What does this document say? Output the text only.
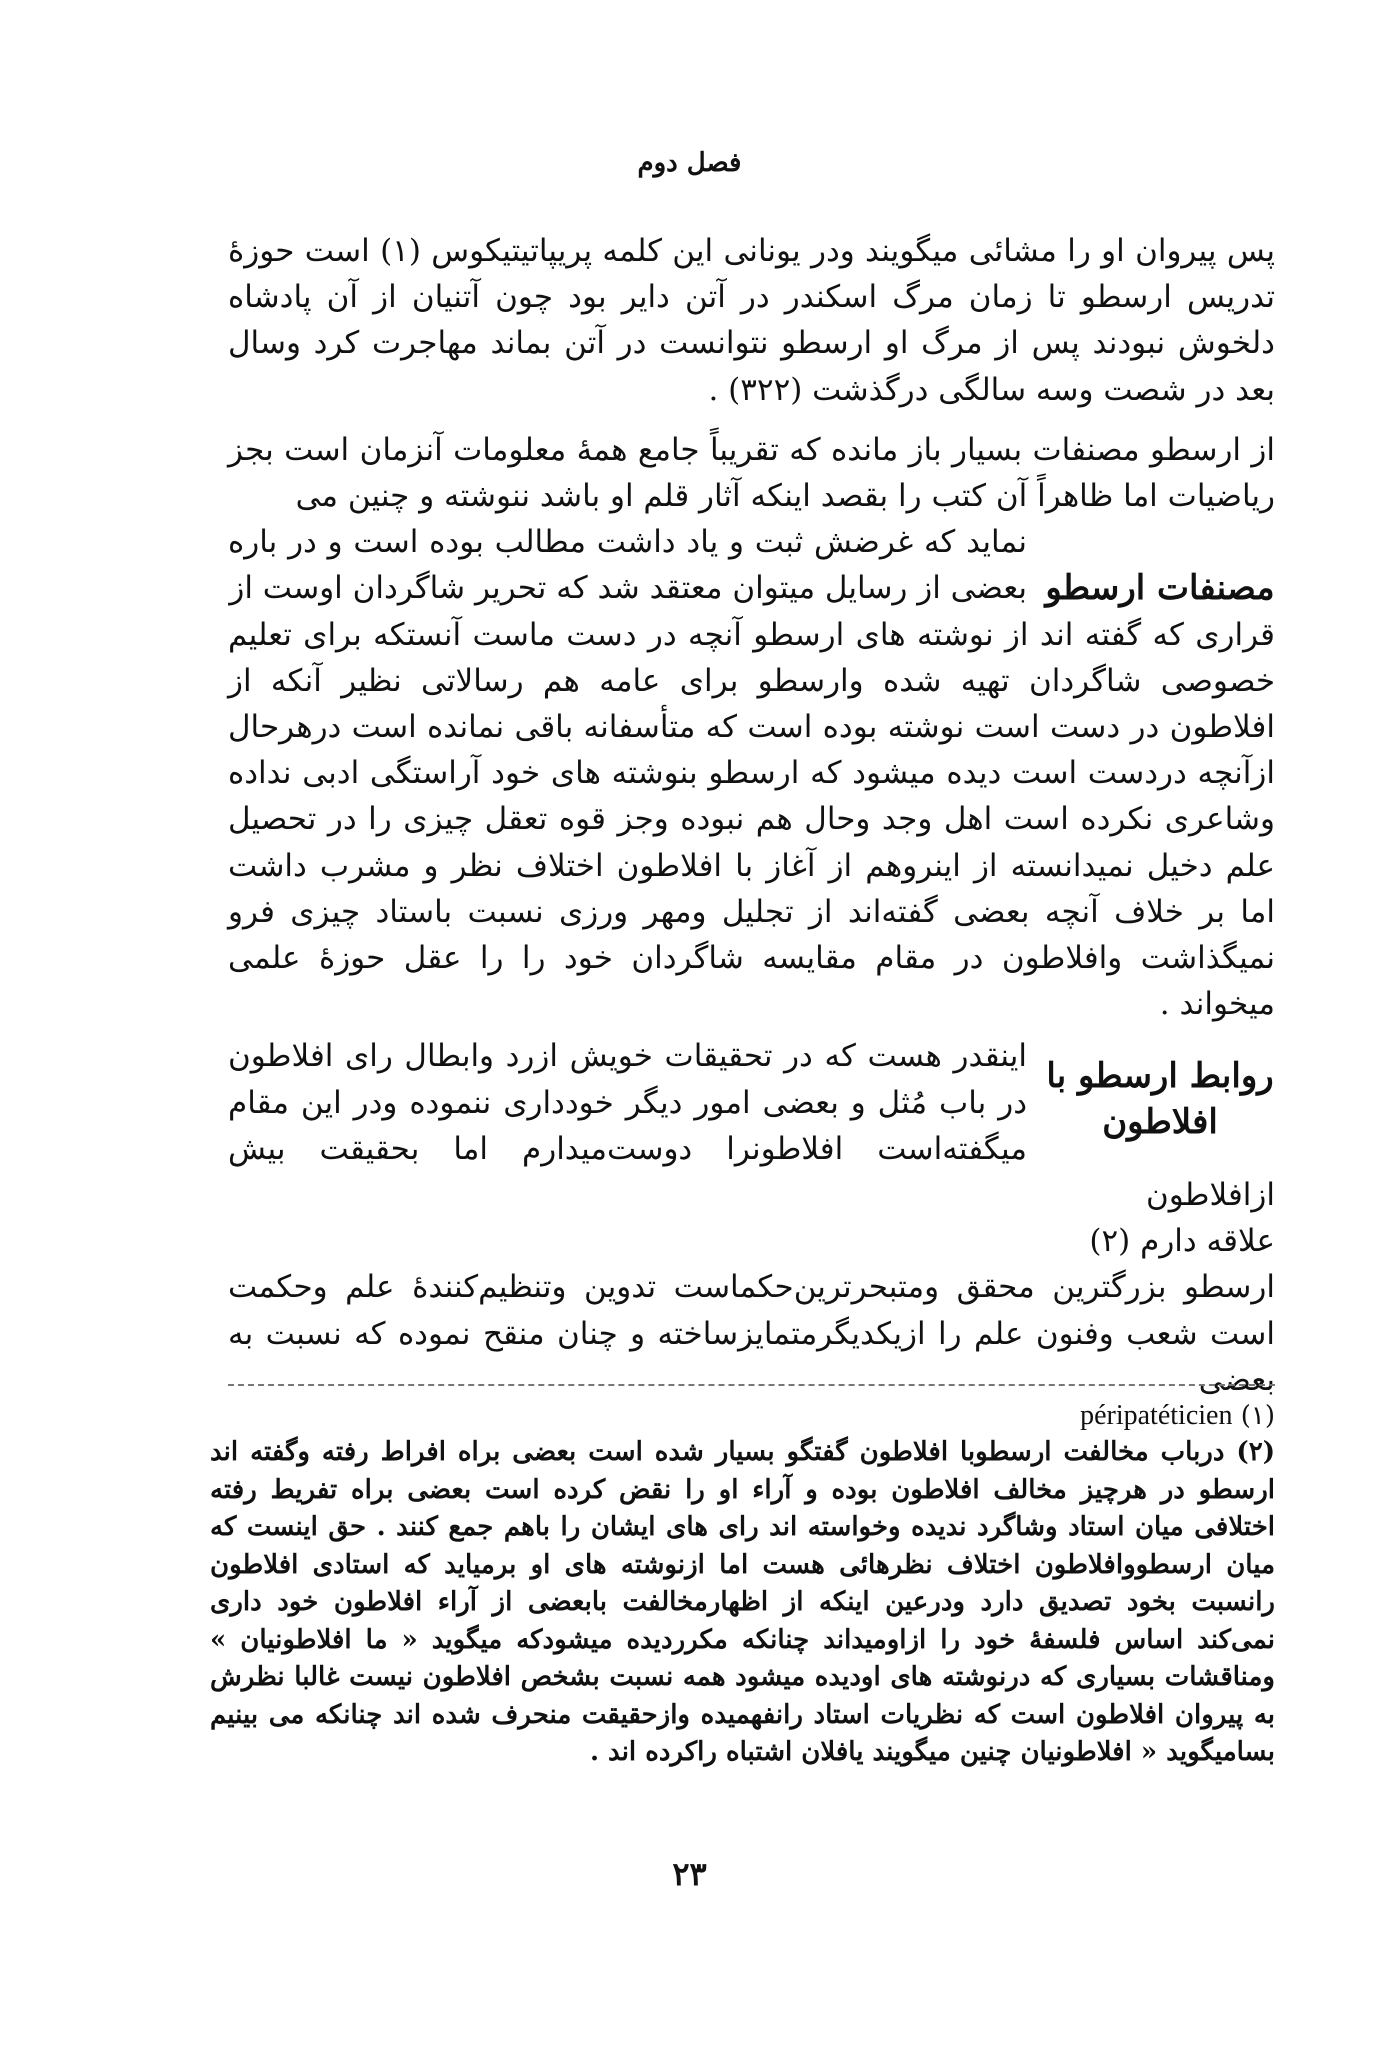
فصل دوم

پس پیروان او را مشائی میگویند ودر یونانی این کلمه پریپاتیتیکوس (۱) است حوزهٔ تدریس ارسطو تا زمان مرگ اسکندر در آتن دایر بود چون آتنیان از آن پادشاه دلخوش نبودند پس از مرگ او ارسطو نتوانست در آتن بماند مهاجرت کرد وسال بعد در شصت وسه سالگی درگذشت (۳۲۲) .

از ارسطو مصنفات بسیار باز مانده که تقریباً جامع همهٔ معلومات آنزمان است بجز ریاضیات اما ظاهراً آن کتب را بقصد اینکه آثار قلم او باشد ننوشته و چنین می

مصنفات ارسطو

نماید که غرضش ثبت و یاد داشت مطالب بوده است و در باره بعضی از رسایل میتوان معتقد شد که تحریر شاگردان اوست از

قراری که گفته اند از نوشته های ارسطو آنچه در دست ماست آنستکه برای تعلیم خصوصی شاگردان تهیه شده وارسطو برای عامه هم رسالاتی نظیر آنکه از افلاطون در دست است نوشته بوده است که متأسفانه باقی نمانده است درهرحال ازآنچه دردست است دیده میشود که ارسطو بنوشته های خود آراستگی ادبی نداده وشاعری نکرده است اهل وجد وحال هم نبوده وجز قوه تعقل چیزی را در تحصیل علم دخیل نمیدانسته از اینروهم از آغاز با افلاطون اختلاف نظر و مشرب داشت اما بر خلاف آنچه بعضی گفته‌اند از تجلیل ومهر ورزی نسبت باستاد چیزی فرو نمیگذاشت وافلاطون در مقام مقایسه شاگردان خود را را عقل حوزهٔ علمی میخواند .

روابط ارسطو با افلاطون

اینقدر هست که در تحقیقات خویش ازرد وابطال رای افلاطون در باب مُثل و بعضی امور دیگر خودداری ننموده ودر این مقام میگفته‌است افلاطونرا دوست‌میدارم اما بحقیقت بیش ازافلاطون

علاقه دارم (۲)

ارسطو بزرگترین محقق ومتبحرترین‌حکماست تدوین وتنظیم‌کنندهٔ علم وحکمت است شعب وفنون علم را ازیکدیگرمتمایزساخته و چنان منقح نموده که نسبت به بعضی

(۱) péripatéticien

(۲) درباب مخالفت ارسطوبا افلاطون گفتگو بسیار شده است بعضی براه افراط رفته وگفته اند ارسطو در هرچیز مخالف افلاطون بوده و آراء او را نقض کرده است بعضی براه تفریط رفته اختلافی میان استاد وشاگرد ندیده وخواسته اند رای های ایشان را باهم جمع کنند . حق اینست که میان ارسطووافلاطون اختلاف نظرهائی هست اما ازنوشته های او برمیاید که استادی افلاطون رانسبت بخود تصدیق دارد ودرعین اینکه از اظهارمخالفت بابعضی از آراء افلاطون خود داری نمی‌کند اساس فلسفهٔ خود را ازاومیداند چنانکه مکرردیده میشودکه میگوید « ما افلاطونیان » ومناقشات بسیاری که درنوشته های اودیده میشود همه نسبت بشخص افلاطون نیست غالبا نظرش به پیروان افلاطون است که نظریات استاد رانفهمیده وازحقیقت منحرف شده اند چنانکه می بینیم بسامیگوید « افلاطونیان چنین میگویند یافلان اشتباه راکرده اند .

۲۳
